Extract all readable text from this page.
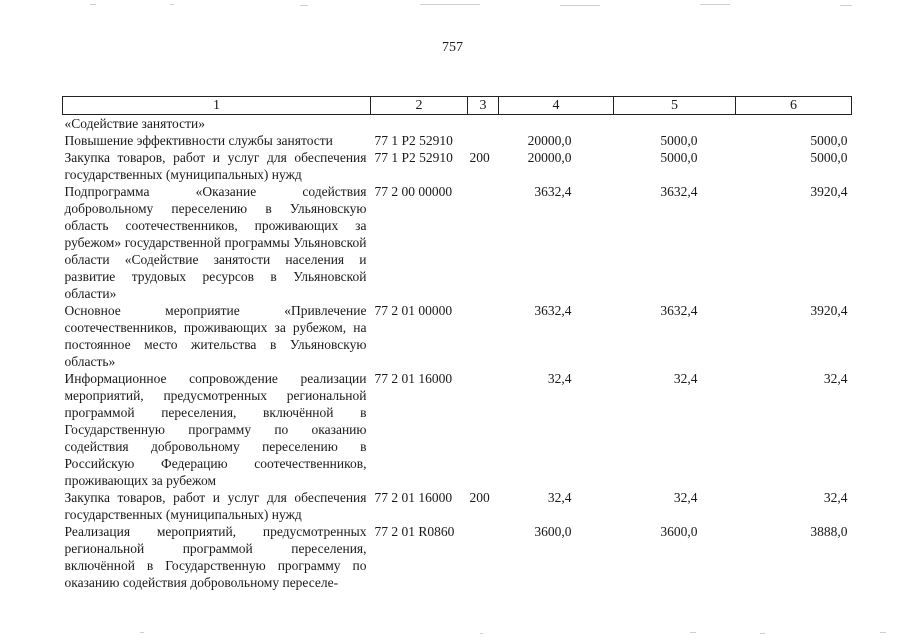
757
1	2	3	4	5	6
«Содействие занятости»					
Повышение эффективности службы занятости	77 1 Р2 52910		20000,0	5000,0	5000,0
Закупка товаров, работ и услуг для обеспечения государственных (муниципальных) нужд	77 1 Р2 52910	200	20000,0	5000,0	5000,0
Подпрограмма «Оказание содействия добровольному переселению в Ульяновскую область соотечественников, проживающих за рубежом» государственной программы Ульяновской области «Содействие занятости населения и развитие трудовых ресурсов в Ульяновской области»	77 2 00 00000		3632,4	3632,4	3920,4
Основное мероприятие «Привлечение соотечественников, проживающих за рубежом, на постоянное место жительства в Ульяновскую область»	77 2 01 00000		3632,4	3632,4	3920,4
Информационное сопровождение реализации мероприятий, предусмотренных региональной программой переселения, включённой в Государственную программу по оказанию содействия добровольному переселению в Российскую Федерацию соотечественников, проживающих за рубежом	77 2 01 16000		32,4	32,4	32,4
Закупка товаров, работ и услуг для обеспечения государственных (муниципальных) нужд	77 2 01 16000	200	32,4	32,4	32,4
Реализация мероприятий, предусмотренных региональной программой переселения, включённой в Государственную программу по оказанию содействия добровольному переселе-	77 2 01 R0860		3600,0	3600,0	3888,0
